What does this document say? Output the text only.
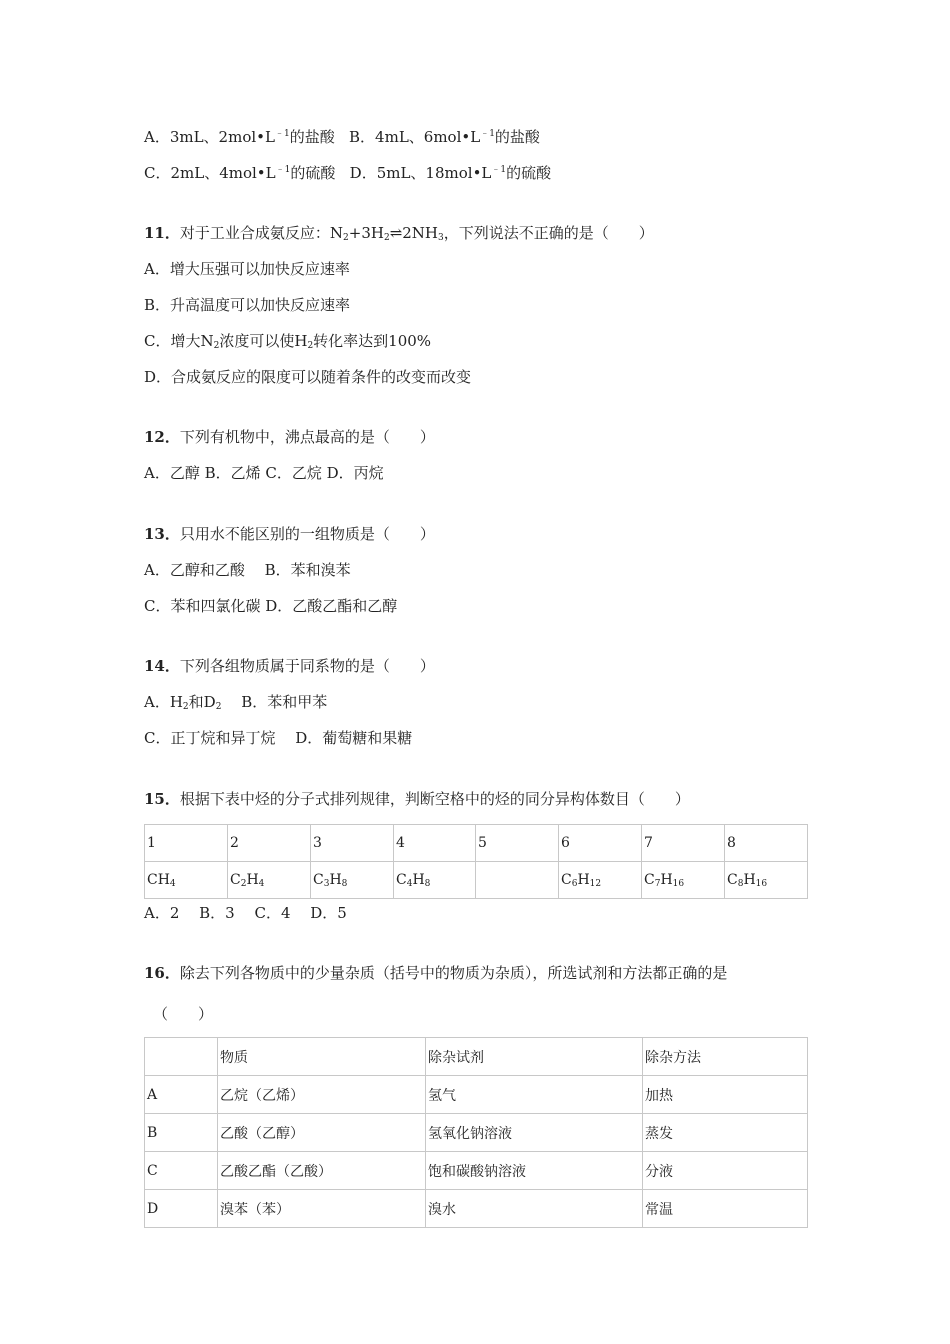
A．3mL、$2mol•L^{﹣1}$的盐酸 B．4mL、$6mol•L^{﹣1}$的盐酸
C．2mL、$4mol•L^{﹣1}$的硫酸 D．5mL、$18mol•L^{﹣1}$的硫酸
11．对于工业合成氨反应：$N_2+3H_2\rightleftharpoons 2NH_3$，下列说法不正确的是（　　）
A．增大压强可以加快反应速率
B．升高温度可以加快反应速率
C．增大$N_2$浓度可以使$H_2$转化率达到100%
D．合成氨反应的限度可以随着条件的改变而改变
12．下列有机物中，沸点最高的是（　　）
A．乙醇 B．乙烯 C．乙烷 D．丙烷
13．只用水不能区别的一组物质是（　　）
A．乙醇和乙酸　 B．苯和溴苯
C．苯和四氯化碳 D．乙酸乙酯和乙醇
14．下列各组物质属于同系物的是（　　）
A．$H_2$和$D_2$　 B．苯和甲苯
C．正丁烷和异丁烷　 D．葡萄糖和果糖
15．根据下表中烃的分子式排列规律，判断空格中的烃的同分异构体数目（　　）
1	2	3	4	5	6	7	8
$CH_4$	$C_2H_4$	$C_3H_8$	$C_4H_8$		$C_6H_{12}$	$C_7H_{16}$	$C_8H_{16}$
A．2　 B．3　 C．4　 D．5
16．除去下列各物质中的少量杂质（括号中的物质为杂质），所选试剂和方法都正确的是
（　　）
	物质	除杂试剂	除杂方法
A	乙烷（乙烯）	氢气	加热
B	乙酸（乙醇）	氢氧化钠溶液	蒸发
C	乙酸乙酯（乙酸）	饱和碳酸钠溶液	分液
D	溴苯（苯）	溴水	常温
